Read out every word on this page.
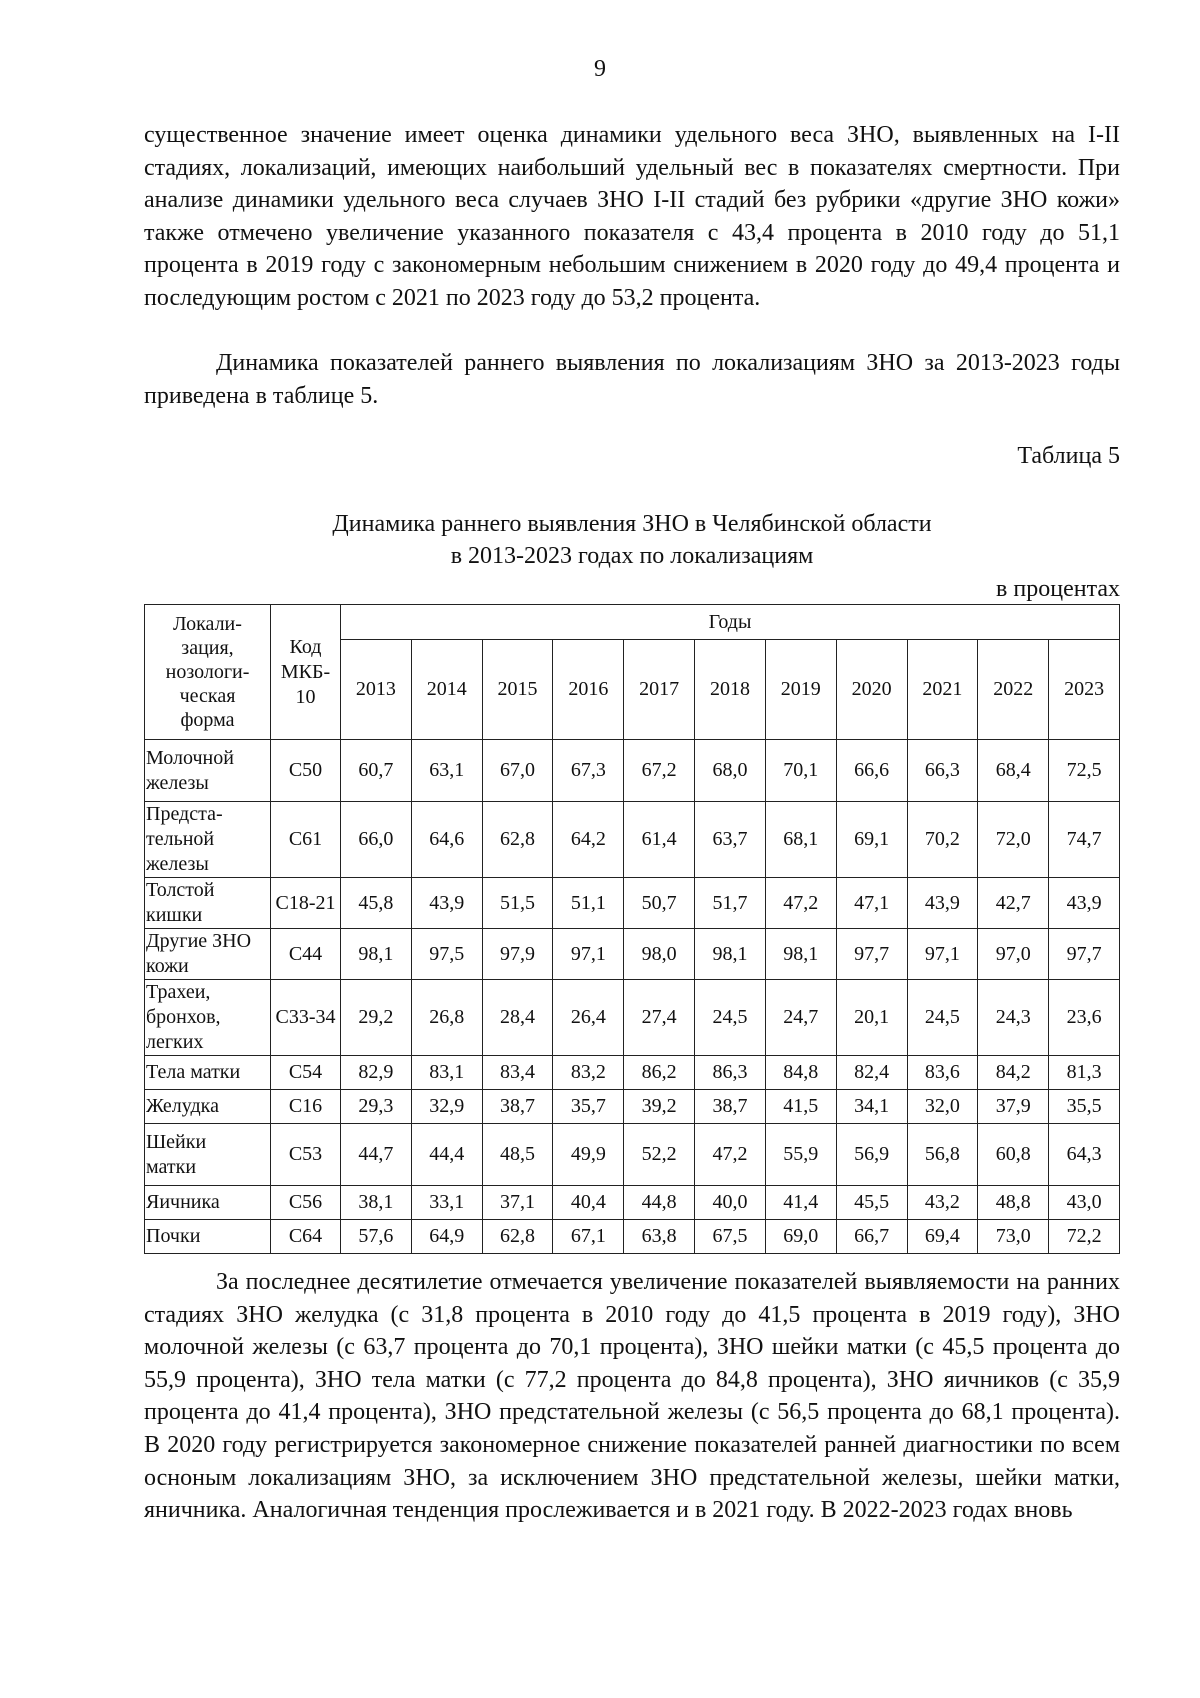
9

существенное значение имеет оценка динамики удельного веса ЗНО, выявленных на I-II стадиях, локализаций, имеющих наибольший удельный вес в показателях смертности. При анализе динамики удельного веса случаев ЗНО I-II стадий без рубрики «другие ЗНО кожи» также отмечено увеличение указанного показателя с 43,4 процента в 2010 году до 51,1 процента в 2019 году с закономерным небольшим снижением в 2020 году до 49,4 процента и последующим ростом с 2021 по 2023 году до 53,2 процента.

Динамика показателей раннего выявления по локализациям ЗНО за 2013-2023 годы приведена в таблице 5.

Таблица 5
Динамика раннего выявления ЗНО в Челябинской области
в 2013-2023 годах по локализациям
в процентах
Локали-
зация,
нозологи-
ческая
форма	Код
МКБ-
10	Годы										
		2013	2014	2015	2016	2017	2018	2019	2020	2021	2022	2023
Молочной
железы	C50	60,7	63,1	67,0	67,3	67,2	68,0	70,1	66,6	66,3	68,4	72,5
Предста-
тельной
железы	C61	66,0	64,6	62,8	64,2	61,4	63,7	68,1	69,1	70,2	72,0	74,7
Толстой
кишки	C18-21	45,8	43,9	51,5	51,1	50,7	51,7	47,2	47,1	43,9	42,7	43,9
Другие ЗНО
кожи	C44	98,1	97,5	97,9	97,1	98,0	98,1	98,1	97,7	97,1	97,0	97,7
Трахеи,
бронхов,
легких	C33-34	29,2	26,8	28,4	26,4	27,4	24,5	24,7	20,1	24,5	24,3	23,6
Тела матки	C54	82,9	83,1	83,4	83,2	86,2	86,3	84,8	82,4	83,6	84,2	81,3
Желудка	C16	29,3	32,9	38,7	35,7	39,2	38,7	41,5	34,1	32,0	37,9	35,5
Шейки
матки	C53	44,7	44,4	48,5	49,9	52,2	47,2	55,9	56,9	56,8	60,8	64,3
Яичника	C56	38,1	33,1	37,1	40,4	44,8	40,0	41,4	45,5	43,2	48,8	43,0
Почки	C64	57,6	64,9	62,8	67,1	63,8	67,5	69,0	66,7	69,4	73,0	72,2

За последнее десятилетие отмечается увеличение показателей выявляемости на ранних стадиях ЗНО желудка (с 31,8 процента в 2010 году до 41,5 процента в 2019 году), ЗНО молочной железы (с 63,7 процента до 70,1 процента), ЗНО шейки матки (с 45,5 процента до 55,9 процента), ЗНО тела матки (с 77,2 процента до 84,8 процента), ЗНО яичников (с 35,9 процента до 41,4 процента), ЗНО предстательной железы (с 56,5 процента до 68,1 процента). В 2020 году регистрируется закономерное снижение показателей ранней диагностики по всем осноным локализациям ЗНО, за исключением ЗНО предстательной железы, шейки матки, яничника. Аналогичная тенденция прослеживается и в 2021 году. В 2022-2023 годах вновь
